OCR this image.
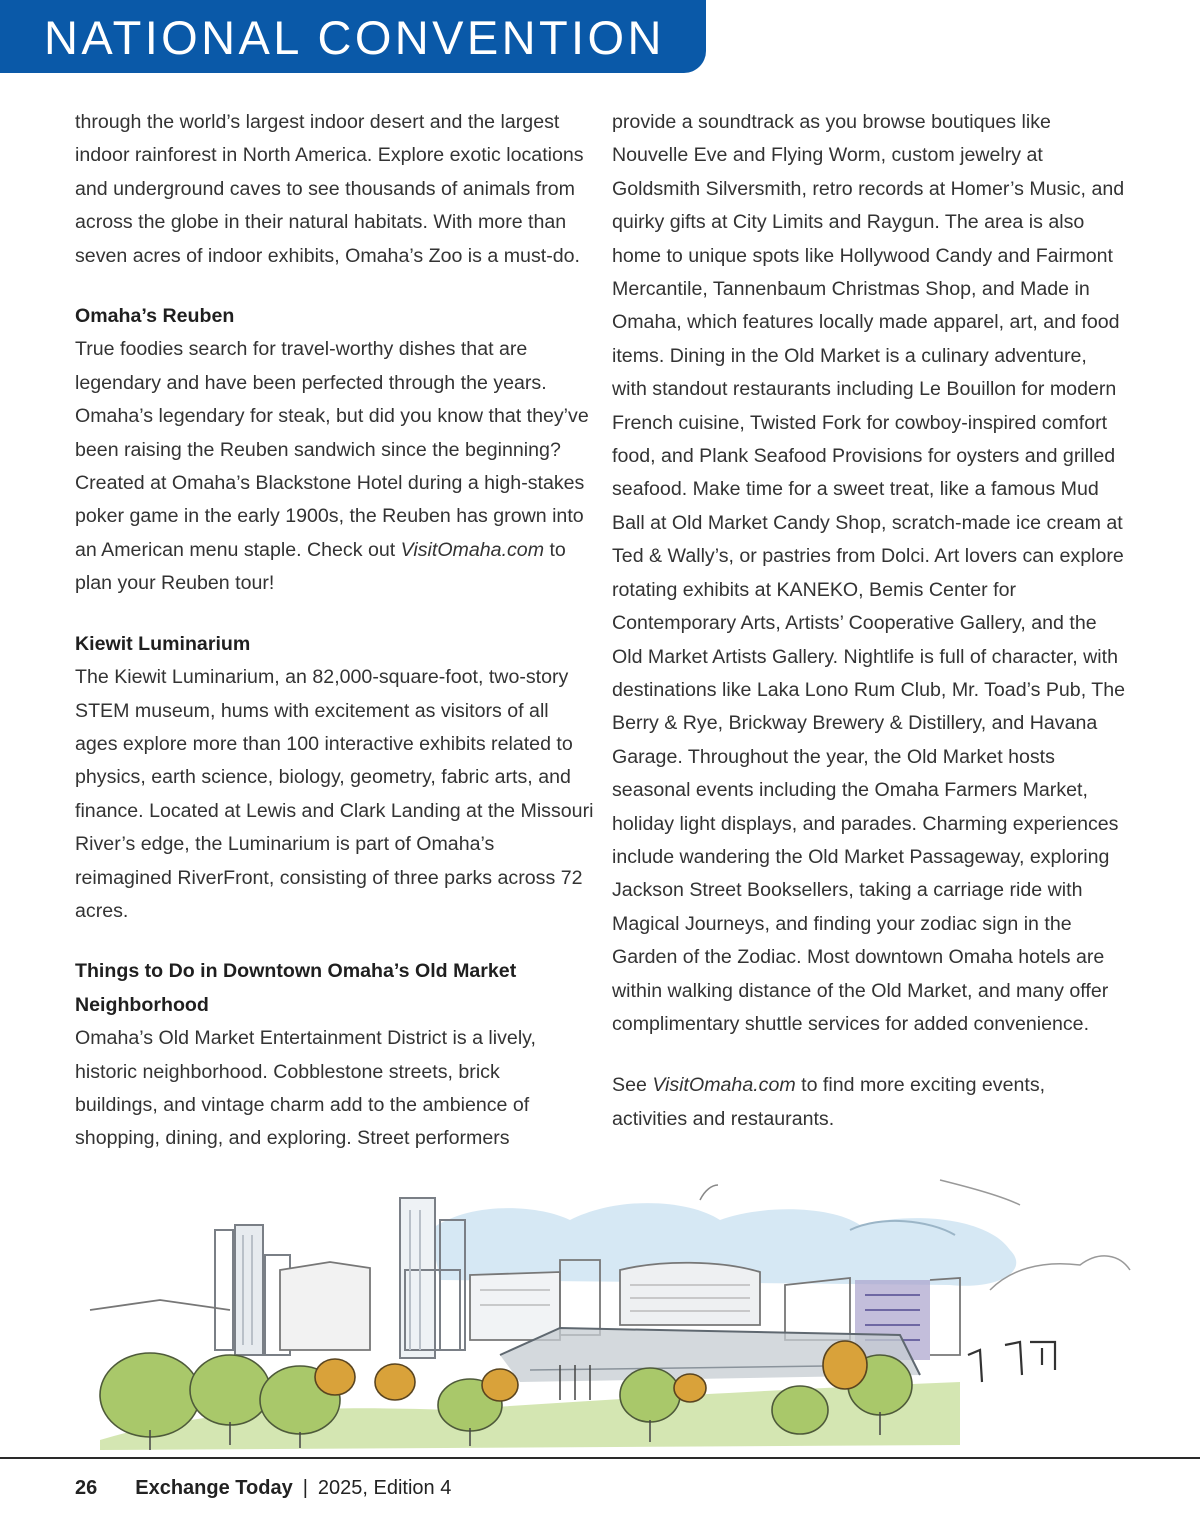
NATIONAL CONVENTION

through the world’s largest indoor desert and the largest indoor rainforest in North America. Explore exotic locations and underground caves to see thousands of animals from across the globe in their natural habitats. With more than seven acres of indoor exhibits, Omaha’s Zoo is a must-do.

Omaha’s Reuben

True foodies search for travel-worthy dishes that are legendary and have been perfected through the years. Omaha’s legendary for steak, but did you know that they’ve been raising the Reuben sandwich since the beginning? Created at Omaha’s Blackstone Hotel during a high-stakes poker game in the early 1900s, the Reuben has grown into an American menu staple. Check out VisitOmaha.com to plan your Reuben tour!

Kiewit Luminarium

The Kiewit Luminarium, an 82,000-square-foot, two-story STEM museum, hums with excitement as visitors of all ages explore more than 100 interactive exhibits related to physics, earth science, biology, geometry, fabric arts, and finance. Located at Lewis and Clark Landing at the Missouri River’s edge, the Luminarium is part of Omaha’s reimagined RiverFront, consisting of three parks across 72 acres.

Things to Do in Downtown Omaha’s Old Market Neighborhood

Omaha’s Old Market Entertainment District is a lively, historic neighborhood. Cobblestone streets, brick buildings, and vintage charm add to the ambience of shopping, dining, and exploring. Street performers

provide a soundtrack as you browse boutiques like Nouvelle Eve and Flying Worm, custom jewelry at Goldsmith Silversmith, retro records at Homer’s Music, and quirky gifts at City Limits and Raygun. The area is also home to unique spots like Hollywood Candy and Fairmont Mercantile, Tannenbaum Christmas Shop, and Made in Omaha, which features locally made apparel, art, and food items. Dining in the Old Market is a culinary adventure, with standout restaurants including Le Bouillon for modern French cuisine, Twisted Fork for cowboy-inspired comfort food, and Plank Seafood Provisions for oysters and grilled seafood. Make time for a sweet treat, like a famous Mud Ball at Old Market Candy Shop, scratch-made ice cream at Ted & Wally’s, or pastries from Dolci. Art lovers can explore rotating exhibits at KANEKO, Bemis Center for Contemporary Arts, Artists’ Cooperative Gallery, and the Old Market Artists Gallery. Nightlife is full of character, with destinations like Laka Lono Rum Club, Mr. Toad’s Pub, The Berry & Rye, Brickway Brewery & Distillery, and Havana Garage. Throughout the year, the Old Market hosts seasonal events including the Omaha Farmers Market, holiday light displays, and parades. Charming experiences include wandering the Old Market Passageway, exploring Jackson Street Booksellers, taking a carriage ride with Magical Journeys, and finding your zodiac sign in the Garden of the Zodiac. Most downtown Omaha hotels are within walking distance of the Old Market, and many offer complimentary shuttle services for added convenience.

See VisitOmaha.com to find more exciting events, activities and restaurants.

26 Exchange Today | 2025, Edition 4
